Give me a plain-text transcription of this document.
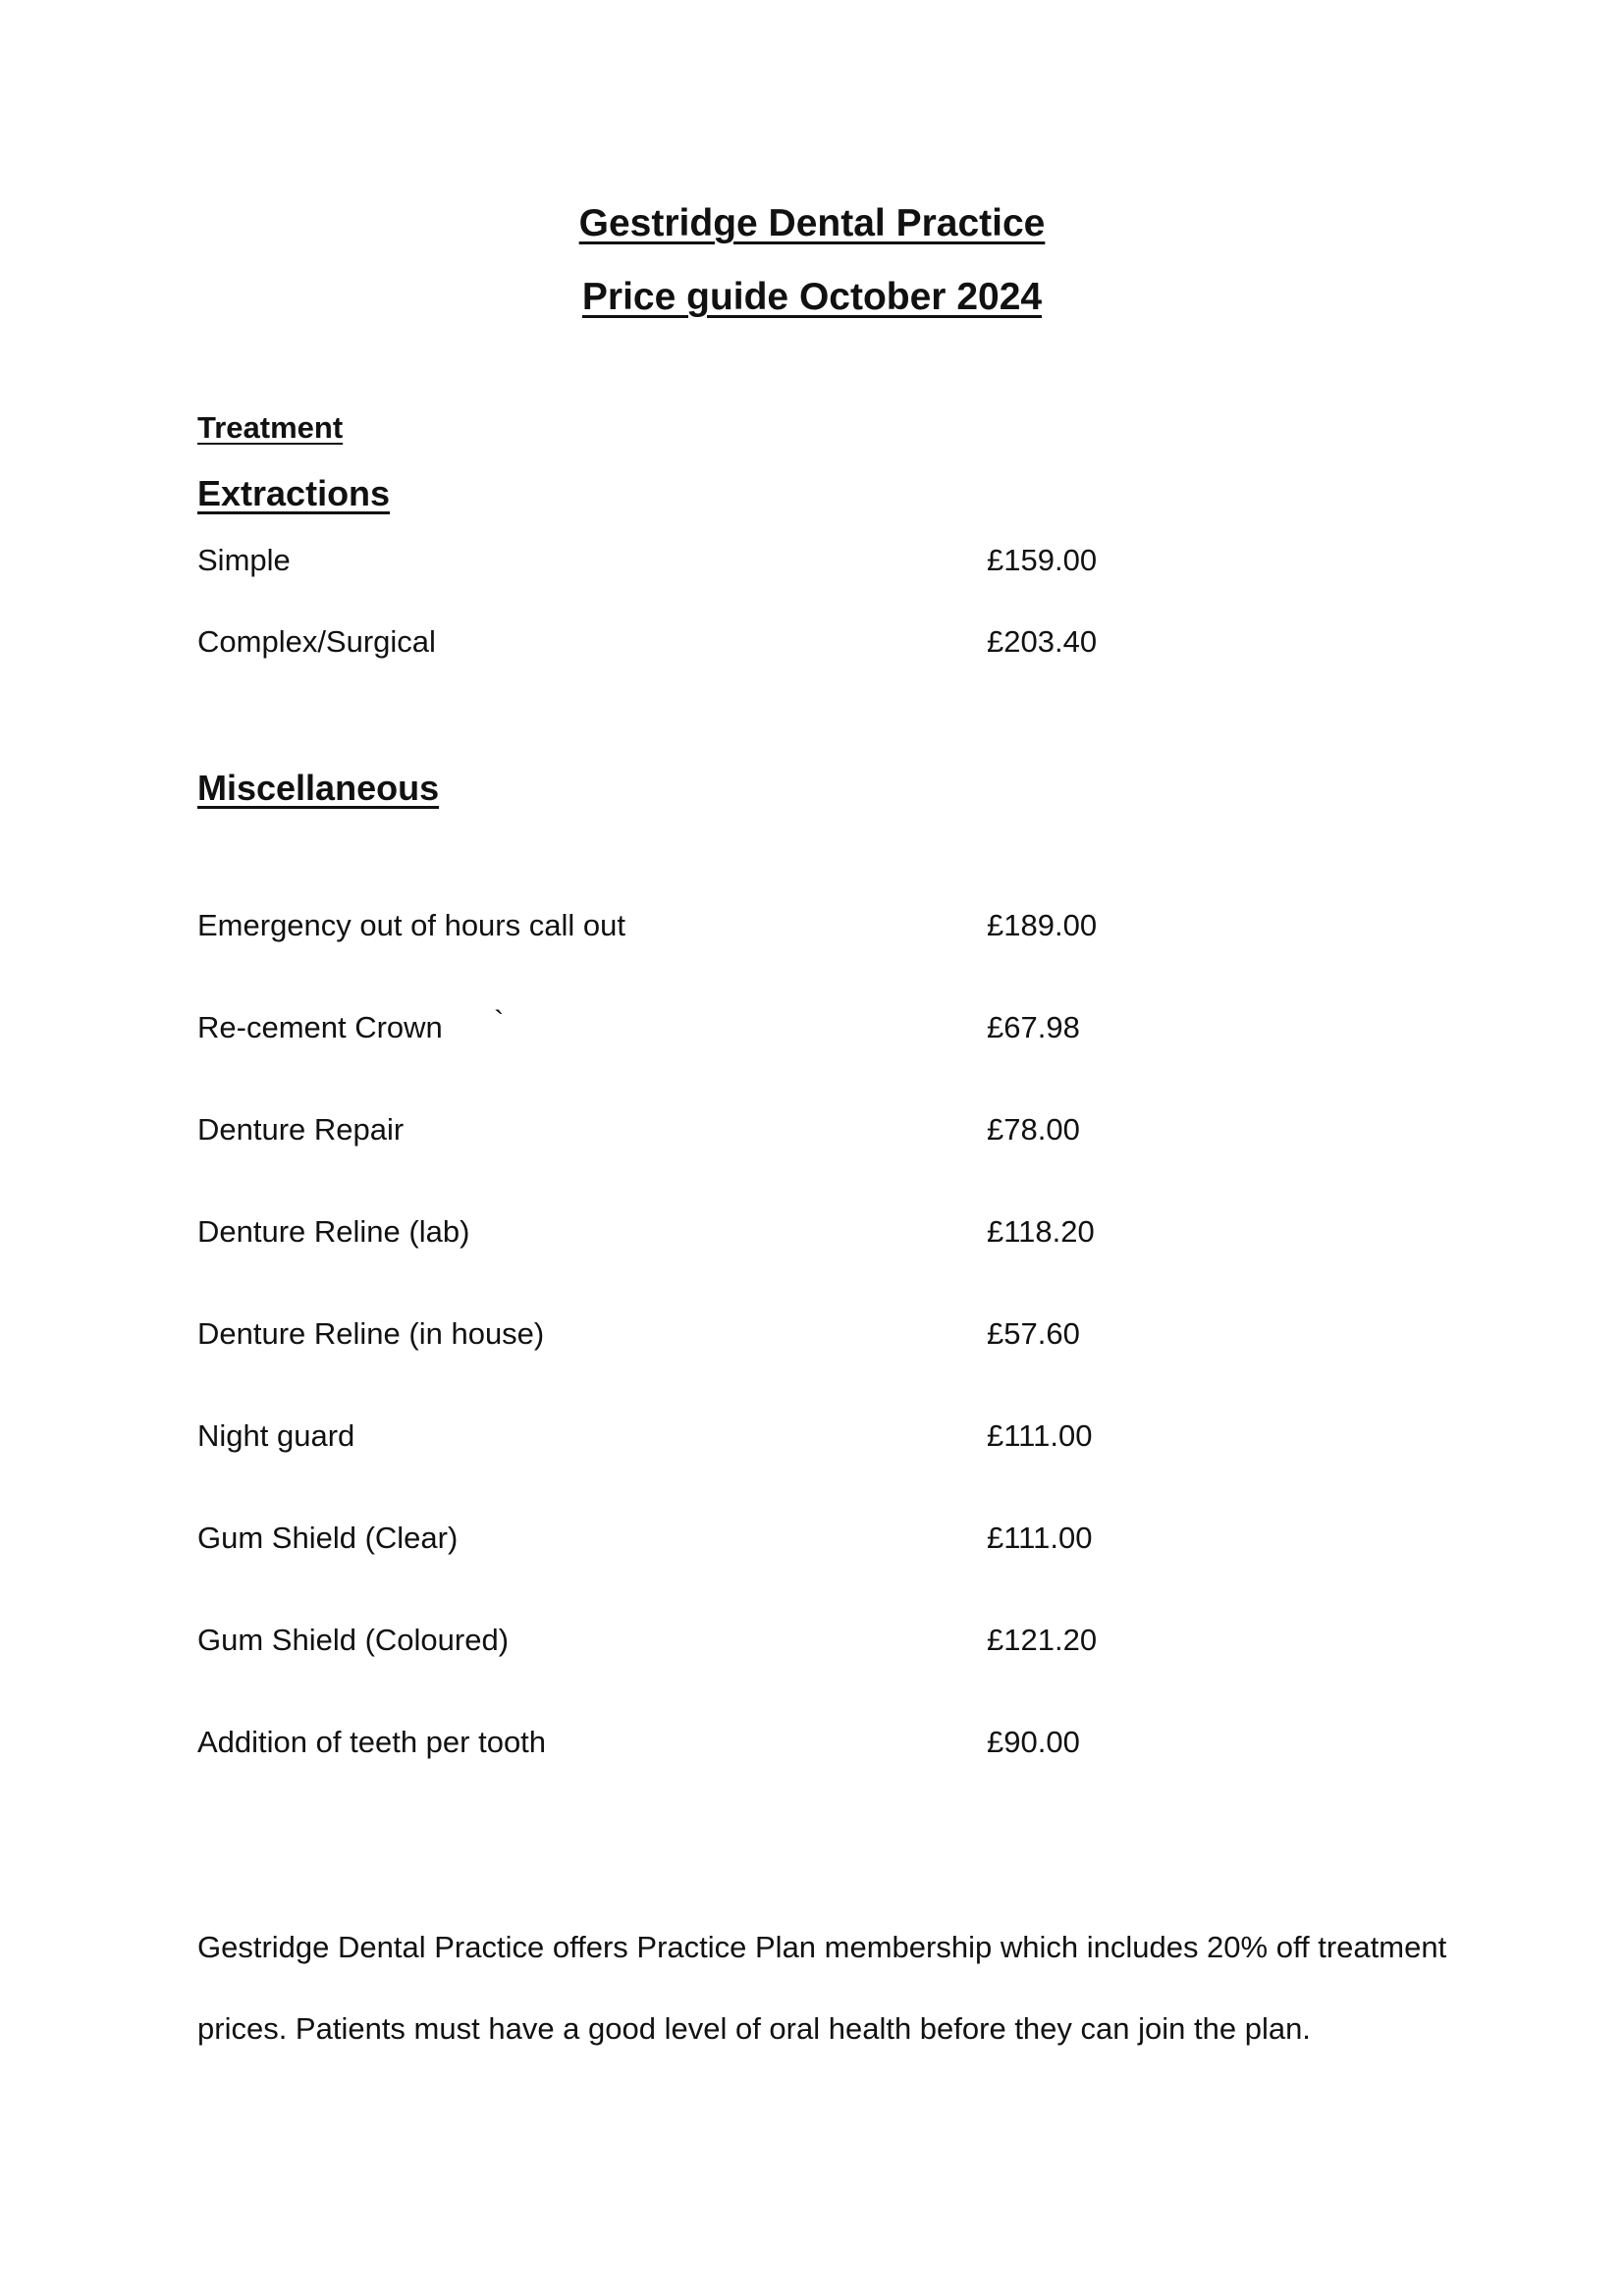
Gestridge Dental Practice
Price guide October 2024
Treatment
Extractions
Simple	£159.00
Complex/Surgical	£203.40
Miscellaneous
Emergency out of hours call out	£189.00
Re-cement Crown `	£67.98
Denture Repair	£78.00
Denture Reline (lab)	£118.20
Denture Reline (in house)	£57.60
Night guard	£111.00
Gum Shield (Clear)	£111.00
Gum Shield (Coloured)	£121.20
Addition of teeth per tooth	£90.00
Gestridge Dental Practice offers Practice Plan membership which includes 20% off treatment
prices. Patients must have a good level of oral health before they can join the plan.
